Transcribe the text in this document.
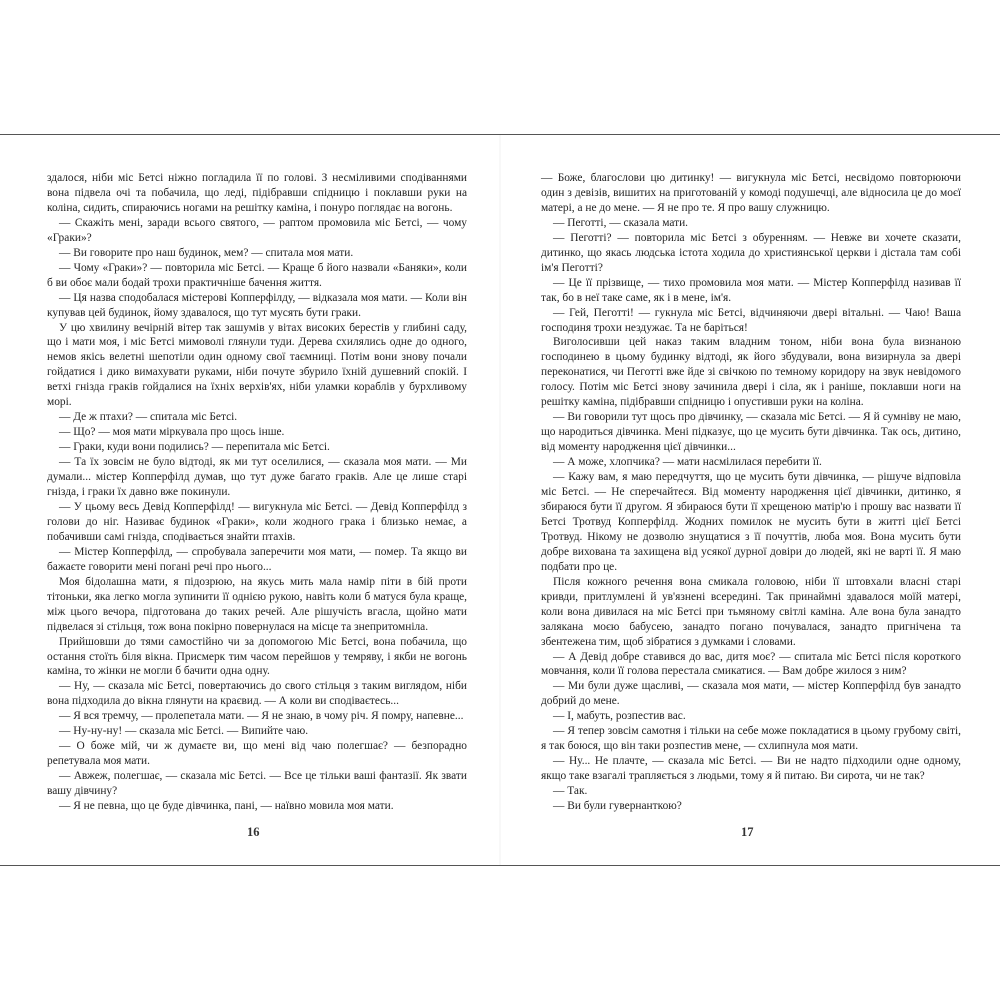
здалося, ніби міс Бетсі ніжно погладила її по голові. З несміливими сподіваннями вона підвела очі та побачила, що леді, підібравши спідницю і поклавши руки на коліна, сидить, спираючись ногами на решітку каміна, і понуро поглядає на вогонь.

— Скажіть мені, заради всього святого, — раптом промовила міс Бетсі, — чому «Граки»?

— Ви говорите про наш будинок, мем? — спитала моя мати.

— Чому «Граки»? — повторила міс Бетсі. — Краще б його назвали «Баняки», коли б ви обоє мали бодай трохи практичніше бачення життя.

— Ця назва сподобалася містерові Копперфілду, — відказала моя мати. — Коли він купував цей будинок, йому здавалося, що тут мусять бути граки.

У цю хвилину вечірній вітер так зашумів у вітах високих берестів у глибині саду, що і мати моя, і міс Бетсі мимоволі глянули туди. Дерева схилялись одне до одного, немов якісь велетні шепотіли один одному свої таємниці. Потім вони знову почали гойдатися і дико вимахувати руками, ніби почуте збурило їхній душевний спокій. І ветхі гнізда граків гойдалися на їхніх верхів'ях, ніби уламки кораблів у бурхливому морі.

— Де ж птахи? — спитала міс Бетсі.

— Що? — моя мати міркувала про щось інше.

— Граки, куди вони подились? — перепитала міс Бетсі.

— Та їх зовсім не було відтоді, як ми тут оселилися, — сказала моя мати. — Ми думали... містер Копперфілд думав, що тут дуже багато граків. Але це лише старі гнізда, і граки їх давно вже покинули.

— У цьому весь Девід Копперфілд! — вигукнула міс Бетсі. — Девід Копперфілд з голови до ніг. Називає будинок «Граки», коли жодного грака і близько немає, а побачивши самі гнізда, сподівається знайти птахів.

— Містер Копперфілд, — спробувала заперечити моя мати, — помер. Та якщо ви бажаєте говорити мені погані речі про нього...

Моя бідолашна мати, я підозрюю, на якусь мить мала намір піти в бій проти тітоньки, яка легко могла зупинити її однією рукою, навіть коли б матуся була краще, між цього вечора, підготована до таких речей. Але рішучість вгасла, щойно мати підвелася зі стільця, тож вона покірно повернулася на місце та знепритомніла.

Прийшовши до тями самостійно чи за допомогою Міс Бетсі, вона побачила, що остання стоїть біля вікна. Присмерк тим часом перейшов у темряву, і якби не вогонь каміна, то жінки не могли б бачити одна одну.

— Ну, — сказала міс Бетсі, повертаючись до свого стільця з таким виглядом, ніби вона підходила до вікна глянути на краєвид. — А коли ви сподіваєтесь...

— Я вся тремчу, — пролепетала мати. — Я не знаю, в чому річ. Я помру, напевне...

— Ну-ну-ну! — сказала міс Бетсі. — Випийте чаю.

— О боже мій, чи ж думаєте ви, що мені від чаю полегшає? — безпорадно репетувала моя мати.

— Авжеж, полегшає, — сказала міс Бетсі. — Все це тільки ваші фантазії. Як звати вашу дівчину?

— Я не певна, що це буде дівчинка, пані, — наївно мовила моя мати.

16

— Боже, благослови цю дитинку! — вигукнула міс Бетсі, несвідомо повторюючи один з девізів, вишитих на приготованій у комоді подушечці, але відносила це до моєї матері, а не до мене. — Я не про те. Я про вашу служницю.

— Пеготті, — сказала мати.

— Пеготті? — повторила міс Бетсі з обуренням. — Невже ви хочете сказати, дитинко, що якась людська істота ходила до християнської церкви і дістала там собі ім'я Пеготті?

— Це її прізвище, — тихо промовила моя мати. — Містер Копперфілд називав її так, бо в неї таке саме, як і в мене, ім'я.

— Гей, Пеготті! — гукнула міс Бетсі, відчиняючи двері вітальні. — Чаю! Ваша господиня трохи нездужає. Та не баріться!

Виголосивши цей наказ таким владним тоном, ніби вона була визнаною господинею в цьому будинку відтоді, як його збудували, вона визирнула за двері переконатися, чи Пеготті вже йде зі свічкою по темному коридору на звук невідомого голосу. Потім міс Бетсі знову зачинила двері і сіла, як і раніше, поклавши ноги на решітку каміна, підібравши спідницю і опустивши руки на коліна.

— Ви говорили тут щось про дівчинку, — сказала міс Бетсі. — Я й сумніву не маю, що народиться дівчинка. Мені підказує, що це мусить бути дівчинка. Так ось, дитино, від моменту народження цієї дівчинки...

— А може, хлопчика? — мати насмілилася перебити її.

— Кажу вам, я маю передчуття, що це мусить бути дівчинка, — рішуче відповіла міс Бетсі. — Не сперечайтеся. Від моменту народження цієї дівчинки, дитинко, я збираюся бути її другом. Я збираюся бути її хрещеною матір'ю і прошу вас назвати її Бетсі Тротвуд Копперфілд. Жодних помилок не мусить бути в житті цієї Бетсі Тротвуд. Нікому не дозволю знущатися з її почуттів, люба моя. Вона мусить бути добре вихована та захищена від усякої дурної довіри до людей, які не варті її. Я маю подбати про це.

Після кожного речення вона смикала головою, ніби її штовхали власні старі кривди, притлумлені й ув'язнені всередині. Так принаймні здавалося моїй матері, коли вона дивилася на міс Бетсі при тьмяному світлі каміна. Але вона була занадто залякана моєю бабусею, занадто погано почувалася, занадто пригнічена та збентежена тим, щоб зібратися з думками і словами.

— А Девід добре ставився до вас, дитя моє? — спитала міс Бетсі після короткого мовчання, коли її голова перестала смикатися. — Вам добре жилося з ним?

— Ми були дуже щасливі, — сказала моя мати, — містер Копперфілд був занадто добрий до мене.

— І, мабуть, розпестив вас.

— Я тепер зовсім самотня і тільки на себе може покладатися в цьому грубому світі, я так боюся, що він таки розпестив мене, — схлипнула моя мати.

— Ну... Не плачте, — сказала міс Бетсі. — Ви не надто підходили одне одному, якщо таке взагалі трапляється з людьми, тому я й питаю. Ви сирота, чи не так?

— Так.

— Ви були гувернанткою?

17
